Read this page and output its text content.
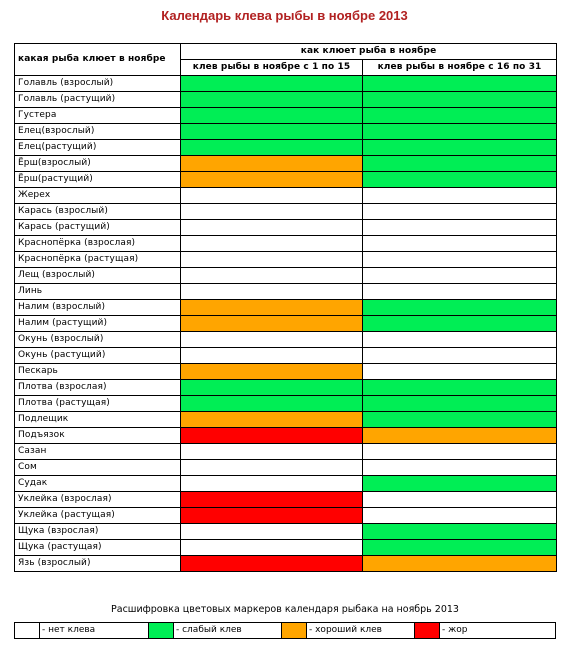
Календарь клева рыбы в ноябре 2013
какая рыба клюет в ноябре	как клюет рыба в ноябре	
	клев рыбы в ноябре с 1 по 15	клев рыбы в ноябре с 16 по 31
Голавль (взрослый)		
Голавль (растущий)		
Густера		
Елец(взрослый)		
Елец(растущий)		
Ёрш(взрослый)		
Ёрш(растущий)		
Жерех		
Карась (взрослый)		
Карась (растущий)		
Краснопёрка (взрослая)		
Краснопёрка (растущая)		
Лещ (взрослый)		
Линь		
Налим (взрослый)		
Налим (растущий)		
Окунь (взрослый)		
Окунь (растущий)		
Пескарь		
Плотва (взрослая)		
Плотва (растущая)		
Подлещик		
Подъязок		
Сазан		
Сом		
Судак		
Уклейка (взрослая)		
Уклейка (растущая)		
Щука (взрослая)		
Щука (растущая)		
Язь (взрослый)		
Расшифровка цветовых маркеров календаря рыбака на ноябрь 2013
	- нет клева		- слабый клев		- хороший клев		- жор
